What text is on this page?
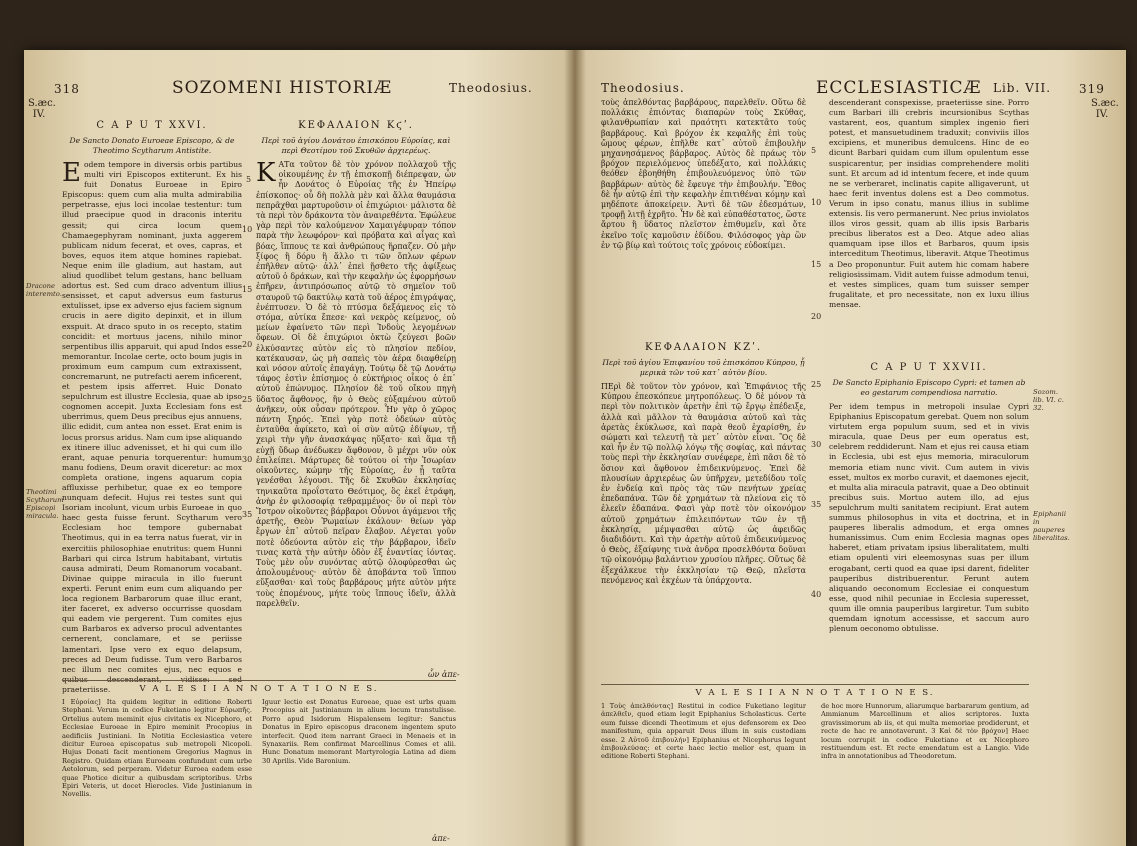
318	SOZOMENI HISTORIÆ	Theodosius.
S.æc. IV.
C A P U T XXVI.
De Sancto Donato Euroeae Episcopo, & de Theotimo Scytharum Antistite.

Eodem tempore in diversis orbis partibus multi viri Episcopos extiterunt. Ex his fuit Donatus Euroeae in Epiro Episcopus: quem cum alia multa admirabilia perpetrasse, ejus loci incolae testentur: tum illud praecipue quod in draconis interitu gessit; qui circa locum quem Chamaegephyram nominant, juxta aggerem publicam nidum fecerat, et oves, capras, et boves, equos item atque homines rapiebat. Neque enim ille gladium, aut hastam, aut aliud quodlibet telum gestans, hanc belluam adortus est. Sed cum draco adventum illius sensisset, et caput adversus eum fasturus extulisset, ipse ex adverso ejus faciem signum crucis in aere digito depinxit, et in illum exspuit. At draco sputo in os recepto, statim concidit: et mortuus jacens, nihilo minor serpentibus illis apparuit, qui apud Indos esse memorantur. Incolae certe, octo boum jugis in proximum eum campum cum extraxissent, concremarunt, ne putrefacti aerem inficerent, et pestem ipsis afferret. Huic Donato sepulchrum est illustre Ecclesia, quae ab ipso cognomen accepit. Juxta Ecclesiam fons est uberrimus, quem Deus precibus ejus annuens, illic edidit, cum antea non esset. Erat enim is locus prorsus aridus. Nam cum ipse aliquando ex itinere illuc advenisset, et hi qui cum illo erant, aquae penuria torquerentur: humum manu fodiens, Deum oravit diceretur: ac mox completa oratione, ingens aquarum copia affluxisse perhibetur, quae ex eo tempore nunquam defecit. Hujus rei testes sunt qui Isoriam incolunt, vicum urbis Euroeae in quo haec gesta fuisse ferunt. Scytharum vero Ecclesiam hoc tempore gubernabat Theotimus, qui in ea terra natus fuerat, vir in exercitiis philosophiae enutritus: quem Hunni Barbari qui circa Istrum habitabant, virtutis causa admirati, Deum Romanorum vocabant. Divinae quippe miracula in illo fuerunt experti. Ferunt enim eum cum aliquando per loca regionem Barbarorum quae illuc erant, iter faceret, ex adverso occurrisse quosdam qui eadem vie pergerent. Tum comites ejus cum Barbaros ex adverso procul adventantes cernerent, conclamare, et se periisse lamentari. Ipse vero ex equo delapsum, preces ad Deum fudisse. Tum vero Barbaros nec illum nec comites ejus, nec equos e praeteriisse.

Dracone interemto.
Theotimi Scytharum Episcopi miracula.
5
10
15
20
25
30
35
ΚΕΦΑΛΑΙΟΝ Κϛʹ.
Περὶ τοῦ ἁγίου Δονάτου ἐπισκόπου Εὐροίας, καὶ περὶ Θεοτίμου τοῦ Σκυθῶν ἀρχιερέως.

Κ ΑΤα τοῦτον δὲ τὸν χρόνον πολλαχοῦ τῆς οἰκουμένης ἐν τῇ ἐπισκοπῇ διέπρεψαν, ὧν ἦν Δονάτος ὁ Εὐροίας τῆς ἐν Ἠπείρῳ ἐπίσκοπος· οὗ δὴ πολλὰ μὲν καὶ ἄλλα θαυμάσια πεπρᾶχθαι μαρτυροῦσιν οἱ ἐπιχώριοι· μάλιστα δὲ τὰ περὶ τὸν δράκοντα τὸν ἀναιρεθέντα. Ἐφώλευε γὰρ περὶ τὸν καλούμενον Χαμαιγέφυραν τόπον παρὰ τὴν λεωφόρον· καὶ πρόβατα καὶ αἶγας καὶ βόας, ἵππους τε καὶ ἀνθρώπους ἥρπαζεν. Οὐ μὴν ξίφος ἢ δόρυ ἢ ἄλλο τι τῶν ὅπλων φέρων ἐπῆλθεν αὐτῷ· ἀλλ᾽ ἐπεὶ ᾔσθετο τῆς ἀφίξεως αὐτοῦ ὁ δράκων, καὶ τὴν κεφαλὴν ὡς ἐφορμήσων ἐπῆρεν, ἀντιπρόσωπος αὐτῷ τὸ σημεῖον τοῦ σταυροῦ τῷ δακτύλῳ κατὰ τοῦ ἀέρος ἐπιγράψας, ἐνέπτυσεν. Ὁ δὲ τὸ πτύσμα δεξάμενος εἰς τὸ στόμα, αὐτίκα ἔπεσε· καὶ νεκρὸς κείμενος, οὐ μείων ἐφαίνετο τῶν περὶ Ἰνδοὺς λεγομένων ὄφεων. Οἱ δὲ ἐπιχώριοι ὀκτὼ ζεύγεσι βοῶν ἑλκύσαντες αὐτὸν εἰς τὸ πλησίον πεδίον, κατέκαυσαν, ὡς μὴ σαπεὶς τὸν ἀέρα διαφθείρῃ καὶ νόσον αὐτοῖς ἐπαγάγῃ. Τούτῳ δὲ τῷ Δονάτῳ τάφος ἐστὶν ἐπίσημος ὁ εὐκτήριος οἶκος ὁ ἐπ᾽ αὐτοῦ ἐπώνυμος. Πλησίον δὲ τοῦ οἴκου πηγὴ ὕδατος ἄφθονος, ἣν ὁ Θεὸς εὐξαμένου αὐτοῦ ἀνῆκεν, οὐκ οὖσαν πρότερον. Ἦν γὰρ ὁ χῶρος πάντη ξηρός. Ἐπεὶ γὰρ ποτὲ ὁδεύων αὐτὸς ἐνταῦθα ἀφίκετο, καὶ οἱ σὺν αὐτῷ ἐδίψων, τῇ χειρὶ τὴν γῆν ἀνασκάψας ηὔξατο· καὶ ἅμα τῇ εὐχῇ ὕδωρ ἀνέδωκεν ἄφθονον, ὃ μέχρι νῦν οὐκ ἐπιλείπει. Μάρτυρες δὲ τούτου οἱ τὴν Ἰσωρίαν οἰκοῦντες, κώμην τῆς Εὐροίας, ἐν ᾗ ταῦτα γενέσθαι λέγουσι. Τῆς δὲ Σκυθῶν ἐκκλησίας τηνικαῦτα προΐστατο Θεότιμος, ὃς ἐκεῖ ἐτράφη, ἀνὴρ ἐν φιλοσοφίᾳ τεθραμμένος· ὃν οἱ περὶ τὸν Ἴστρον οἰκοῦντες βάρβαροι Οὖννοι ἀγάμενοι τῆς ἀρετῆς, Θεὸν Ῥωμαίων ἐκάλουν· θείων γὰρ ἔργων ἐπ᾽ αὐτοῦ πεῖραν ἔλαβον. Λέγεται γοῦν ποτὲ ὁδεύοντα αὐτὸν εἰς τὴν βάρβαρον, ἰδεῖν τινας κατὰ τὴν αὐτὴν ὁδὸν ἐξ ἐναντίας ἰόντας. Τοὺς μὲν οὖν συνόντας αὐτῷ ὀλοφύρεσθαι ὡς ἀπολουμένους· αὐτὸν δὲ ἀποβάντα τοῦ ἵππου εὔξασθαι· καὶ τοὺς βαρβάρους μήτε αὐτὸν μήτε τοὺς ἑπομένους, μήτε τοὺς ἵππους ἰδεῖν, ἀλλὰ παρελθεῖν.

ὧν ἀπε-
V A L E S I I A N N O T A T I O N E S.
I Εὐροίας] Ita quidem legitur in editione Roberti Stephani. Verum in codice Fuketiano legitur Εὐρωπῆς. Ortelius autem meminit ejus civitatis ex Nicephoro, et Ecclesiae Euroeae in Epiro meminit Procopius in aedificiis Justiniani. In Notitia Ecclesiastica vetere dicitur Euroea episcopatus sub metropoli Nicopoli. Hujus Donati facit mentionem Gregorius Magnus in Registro. Quidam etiam Euroeam confundunt cum urbe Aetolorum, sed perperam. Videtur Euroea eadem esse quae Photice dicitur a quibusdam scriptoribus. Urbs Epiri Veteris, ut docet Hierocles. Vide Justinianum in Novellis.
Iguur lectio est Donatus Euroeae, quae est urbs quam Procopius ait Justinianum in alium locum transtulisse. Porro apud Isidorum Hispalensem legitur: Sanctus Donatus in Epiro episcopus draconem ingentem sputo interfecit. Quod item narrant Graeci in Menaeis et in Synaxariis. Rem confirmat Marcellinus Comes et alii. Hunc Donatum memorant Martyrologia Latina ad diem 30 Aprilis. Vide Baronium.
ἀπε-
Theodosius.	ECCLESIASTICÆ Lib. VII. 319
S.æc. IV.
τοὺς ἀπελθόντας βαρβάρους, παρελθεῖν. Οὕτω δὲ πολλάκις ἐπιόντας διαπαρὼν τοὺς Σκύθας, φιλανθρωπίαν καὶ πραότητι κατεκτᾶτο τούς βαρβάρους. Καὶ βρόχον ἐκ κεφαλῆς ἐπὶ τοὺς ὤμους φέρων, ἐπῆλθε κατ᾽ αὐτοῦ ἐπιβουλὴν μηχανησάμενος βάρβαρος. Αὐτὸς δὲ πράως τὸν βρόχον περιελόμενος ὑπεδέξατο, καὶ πολλάκις θεόθεν ἐβοηθήθη ἐπιβουλευόμενος ὑπὸ τῶν βαρβάρων· αὐτὸς δὲ ἔφευγε τὴν ἐπιβουλήν. Ἔθος δὲ ἦν αὐτῷ ἐπὶ τὴν κεφαλὴν ἐπιτιθέναι κόμην καὶ μηδέποτε ἀποκείρειν. Ἀντὶ δὲ τῶν ἐδεσμάτων, τροφῇ λιτῇ ἐχρῆτο. Ἦν δὲ καὶ εὐπαθέστατος, ὥστε ἄρτου ἢ ὕδατος πλεῖστον ἐπιθυμεῖν, καὶ ὅτε ἐκεῖνο τοῖς καμοῦσιν ἐδίδου. Φιλόσοφος γὰρ ὢν ἐν τῷ βίῳ καὶ τούτοις τοῖς χρόνοις εὐδοκίμει.
5
10
15
20
25
30
35
40
ΚΕΦΑΛΑΙΟΝ ΚΖʹ.
Περὶ τοῦ ἁγίου Ἐπιφανίου τοῦ ἐπισκόπου Κύπρου, ᾗ μερικὰ τῶν τοῦ κατ᾽ αὐτὸν βίου.

ΠΕρὶ δὲ τοῦτον τὸν χρόνον, καὶ Ἐπιφάνιος τῆς Κύπρου ἐπεσκόπευε μητροπόλεως. Ὁ δὲ μόνον τὰ περὶ τὸν πολιτικὸν ἀρετὴν ἐπὶ τῷ ἔργῳ ἐπέδειξε, ἀλλὰ καὶ μᾶλλον τὰ θαυμάσια αὐτοῦ καὶ τὰς ἀρετὰς ἐκύκλωσε, καὶ παρὰ θεοῦ ἐχαρίσθη, ἐν σώματι καὶ τελευτῇ τὰ μετ᾽ αὐτὸν εἶναι. Ὃς δὲ καὶ ἦν ἐν τῷ πολλῷ λόγῳ τῆς σοφίας, καὶ πάντας τοὺς περὶ τὴν ἐκκλησίαν συνέφερε, ἐπὶ πᾶσι δὲ τὸ ὅσιον καὶ ἄφθονον ἐπιδεικνύμενος. Ἐπεὶ δὲ πλουσίων ἀρχιερέως ὢν ὑπῆρχεν, μετεδίδου τοῖς ἐν ἐνδείᾳ καὶ πρὸς τὰς τῶν πενήτων χρείας ἐπεδαπάνα. Τῶν δὲ χρημάτων τὰ πλείονα εἰς τὸ ἐλεεῖν ἐδαπάνα. Φασὶ γὰρ ποτὲ τὸν οἰκονόμον αὐτοῦ χρημάτων ἐπιλειπόντων τῶν ἐν τῇ ἐκκλησίᾳ, μέμψασθαι αὐτῷ ὡς ἀφειδῶς διαδιδόντι. Καὶ τὴν ἀρετὴν αὐτοῦ ἐπιδεικνύμενος ὁ Θεὸς, ἐξαίφνης τινὰ ἀνδρα προσελθόντα δοῦναι τῷ οἰκονόμῳ βαλάντιον χρυσίου πλῆρες. Οὕτως δὲ ἐξεχάλκευε τὴν ἐκκλησίαν τῷ Θεῷ, πλεῖστα πενόμενος καὶ ἐκχέων τὰ ὑπάρχοντα.

descenderant conspexisse, praeteriisse sine. Porro cum Barbari illi crebris incursionibus Scythas vastarent, eos, quantum simplex ingenio fieri potest, et mansuetudinem traduxit; conviviis illos excipiens, et muneribus demulcens. Hinc de eo dicunt Barbari quidam cum illum opulentum esse suspicarentur, per insidias comprehendere moliti sunt. Et arcum ad id intentum fecere, et inde quum ne se verberaret, inclinatis capite alligaverunt, ut haec ferit inventus dolens est a Deo commotus. Verum in ipso conatu, manus illius in sublime extensis. Iis vero permanerunt. Nec prius inviolatos illos viros gessit, quam ab illis ipsis Barbaris precibus liberatos est a Deo. Atque adeo alias quamquam ipse illos et Barbaros, quum ipsis interceditum Theotimus, liberavit. Atque Theotimus a Deo proponuntur. Fuit autem hic comam habere religiosissimam. Vidit autem fuisse admodum tenui, et vestes simplices, quam tum suisser semper frugalitate, et pro necessitate, non ex luxu illius mensae.
C A P U T XXVII.
De Sancto Epiphanio Episcopo Cypri: et tamen ab eo gestarum compendiosa narratio.

Per idem tempus in metropoli insulae Cypri Epiphanius Episcopatum gerebat. Quem non solum virtutem erga populum suum, sed et in vivis miracula, quae Deus per eum operatus est, celebrem reddiderunt. Nam et ejus rei causa etiam in Ecclesia, ubi est ejus memoria, miraculorum memoria etiam nunc vivit. Cum autem in vivis esset, multos ex morbo curavit, et daemones ejecit, et multa alia miracula patravit, quae a Deo obtinuit precibus suis. Mortuo autem illo, ad ejus sepulchrum multi sanitatem recipiunt. Erat autem summus philosophus in vita et doctrina, et in pauperes liberalis admodum, et erga omnes humanissimus. Cum enim Ecclesia magnas opes haberet, etiam privatam ipsius liberalitatem, multi etiam opulenti viri eleemosynas suas per illum erogabant, certi quod ea quae ipsi darent, fideliter pauperibus distribuerentur. Ferunt autem aliquando oeconomum Ecclesiae ei conquestum esse, quod nihil pecuniae in Ecclesia superesset, quum ille omnia pauperibus largiretur. Tum subito quemdam ignotum accessisse, et saccum auro plenum oeconomo obtulisse.

Sozom. lib. VI. c. 32.
Epiphanii in pauperes liberalitas.
V A L E S I I A N N O T A T I O N E S.
1 Τοὺς ἀπελθόντας] Restitui in codice Fuketiano legitur ἀπελθεῖν, quod etiam legit Epiphanius Scholasticus. Certe eum fuisse dicendi Theotimum et ejus defensorem ex Deo manifestum, quia apparuit Deus illum in suis custodiam esse. 2 Αὐτοῦ ἐπιβουλήν] Epiphanius et Nicephorus legunt ἐπιβουλεύσας: et certe haec lectio melior est, quam in editione Roberti Stephani.
de hoc more Hunnorum, aliarumque barbararum gentium, ad Ammianum Marcellinum et alios scriptores. Iuxta gravissimorum ab iis, et qui multa memoriae prodiderunt, et recte de hac re annotaverunt. 3 Καὶ δὲ τὸν βρόχον] Haec locum corrupit in codice Fuketiano et ex Nicephoro restituendum est. Et recte emendatum est a Langio. Vide infra in annotationibus ad Theodoretum.
